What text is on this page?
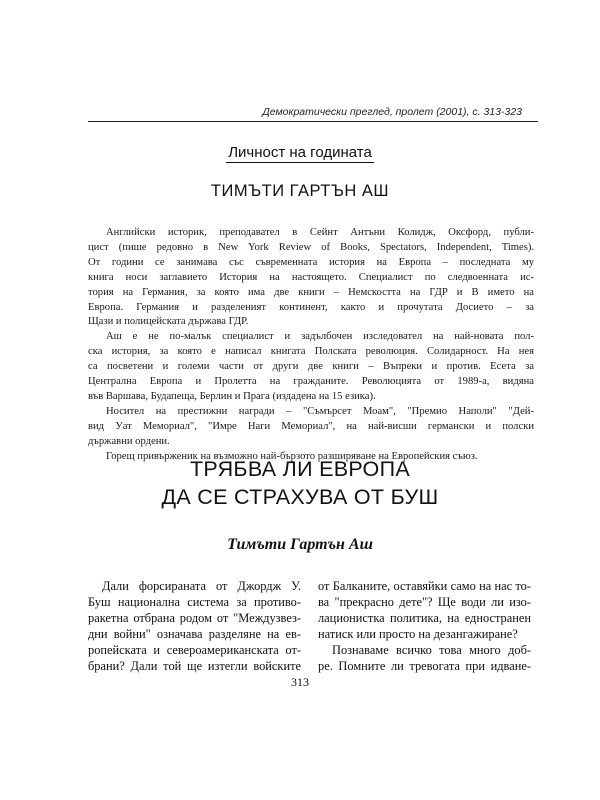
Демократически преглед, пролет (2001), с. 313-323
Личност на годината
ТИМЪТИ ГАРТЪН АШ

Английски историк, преподавател в Сейнт Антъни Колидж, Оксфорд, публи-
цист (пише редовно в New York Review of Books, Spectators, Independent, Times).
От години се занимава със съвременната история на Европа – последната му
книга носи заглавието История на настоящето. Специалист по следвоенната ис-
тория на Германия, за която има две книги – Немскостта на ГДР и В името на
Европа. Германия и разделеният континент, както и прочутата Досието – за
Щази и полицейската държава ГДР.

Аш е не по-малък специалист и задълбочен изследовател на най-новата пол-
ска история, за която е написал книгата Полската революция. Солидарност. На нея
са посветени и големи части от други две книги – Въпреки и против. Есета за
Централна Европа и Пролетта на гражданите. Революцията от 1989-а, видяна
във Варшава, Будапеща, Берлин и Прага (издадена на 15 езика).

Носител на престижни награди – "Съмърсет Моам", "Премио Наполи" "Дей-
вид Уат Мемориал", "Имре Наги Мемориал", на най-висши германски и полски
държавни ордени.

Горещ привърженик на възможно най-бързото разширяване на Европейския съюз.

ТРЯБВА ЛИ ЕВРОПА
ДА СЕ СТРАХУВА ОТ БУШ
Тимъти Гартън Аш

Дали форсираната от Джордж У.
Буш национална система за противо-
ракетна отбрана родом от "Междузвез-
дни войни" означава разделяне на ев-
ропейската и североамериканската от-
брани? Дали той ще изтегли войските

от Балканите, оставяйки само на нас то-
ва "прекрасно дете"? Ще води ли изо-
лационистка политика, на едностранен
натиск или просто на дезангажиране?

Познаваме всичко това много доб-
ре. Помните ли тревогата при идване-

313
